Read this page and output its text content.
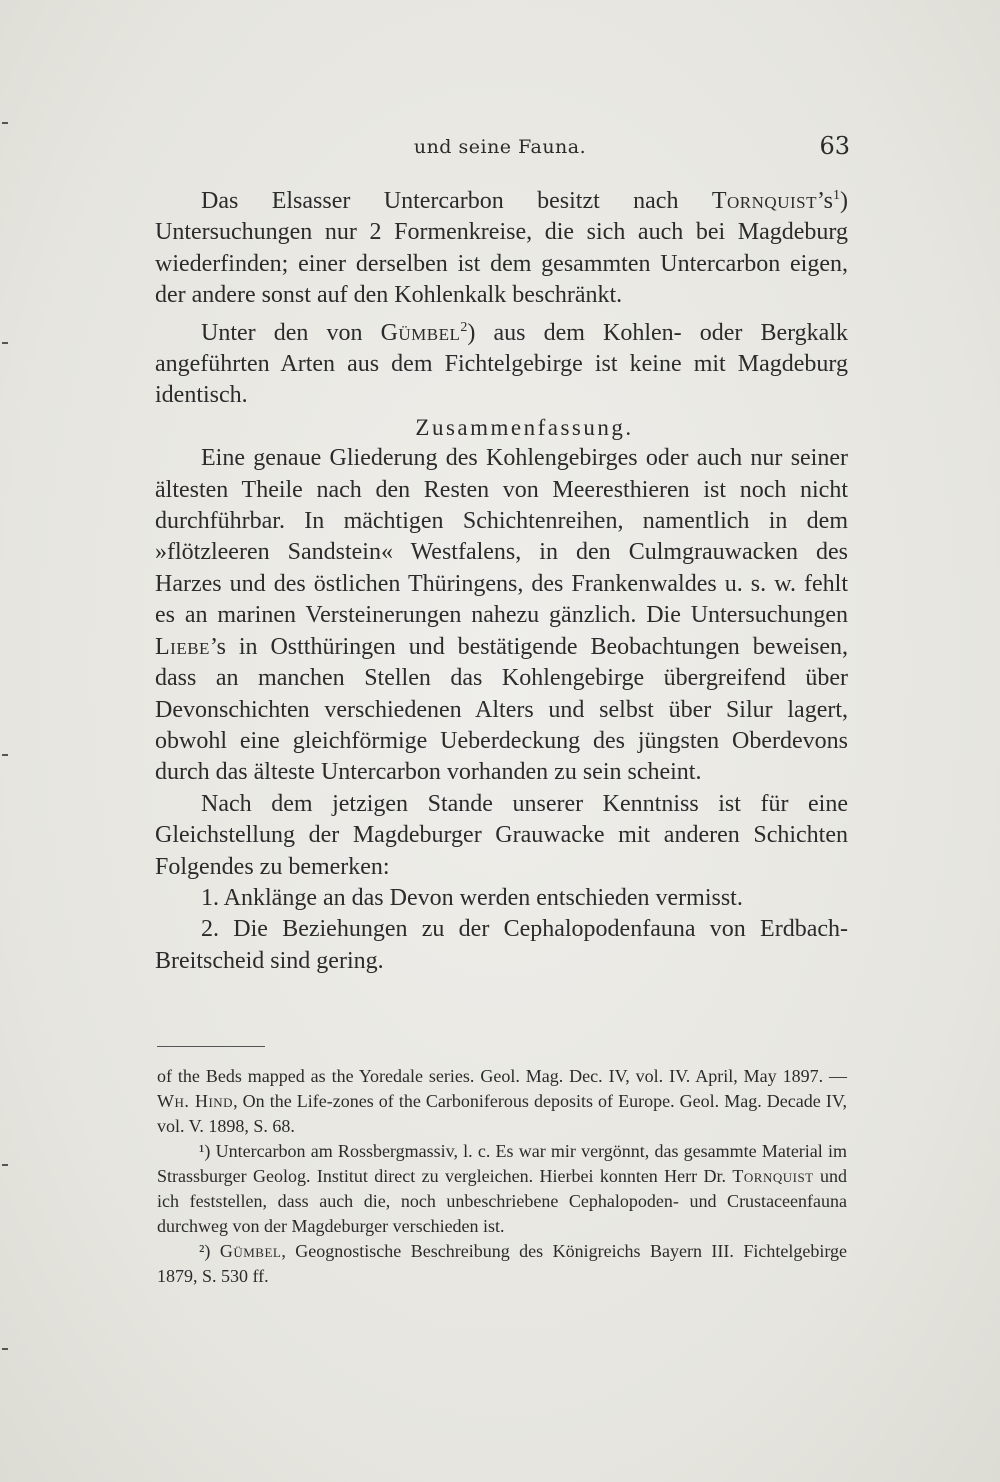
und seine Fauna.	63

Das Elsasser Untercarbon besitzt nach $Tornquist’s^1$) Untersuchungen nur 2 Formenkreise, die sich auch bei Magdeburg wiederfinden; einer derselben ist dem gesammten Untercarbon eigen, der andere sonst auf den Kohlenkalk beschränkt.

Unter den von Gümbel$^2$) aus dem Kohlen- oder Bergkalk angeführten Arten aus dem Fichtelgebirge ist keine mit Magdeburg identisch.

Zusammenfassung.

Eine genaue Gliederung des Kohlengebirges oder auch nur seiner ältesten Theile nach den Resten von Meeresthieren ist noch nicht durchführbar. In mächtigen Schichtenreihen, namentlich in dem »flötzleeren Sandstein« Westfalens, in den Culmgrauwacken des Harzes und des östlichen Thüringens, des Frankenwaldes u. s. w. fehlt es an marinen Versteinerungen nahezu gänzlich. Die Untersuchungen Liebe’s in Ostthüringen und bestätigende Beobachtungen beweisen, dass an manchen Stellen das Kohlengebirge übergreifend über Devonschichten verschiedenen Alters und selbst über Silur lagert, obwohl eine gleichförmige Ueberdeckung des jüngsten Oberdevons durch das älteste Untercarbon vorhanden zu sein scheint.

Nach dem jetzigen Stande unserer Kenntniss ist für eine Gleichstellung der Magdeburger Grauwacke mit anderen Schichten Folgendes zu bemerken:

1. Anklänge an das Devon werden entschieden vermisst.

2. Die Beziehungen zu der Cephalopodenfauna von Erdbach-Breitscheid sind gering.

of the Beds mapped as the Yoredale series. Geol. Mag. Dec. IV, vol. IV. April, May 1897. — Wh. Hind, On the Life-zones of the Carboniferous deposits of Europe. Geol. Mag. Decade IV, vol. V. 1898, S. 68.

¹) Untercarbon am Rossbergmassiv, l. c. Es war mir vergönnt, das gesammte Material im Strassburger Geolog. Institut direct zu vergleichen. Hierbei konnten Herr Dr. Tornquist und ich feststellen, dass auch die, noch unbeschriebene Cephalopoden- und Crustaceenfauna durchweg von der Magdeburger verschieden ist.

²) Gümbel, Geognostische Beschreibung des Königreichs Bayern III. Fichtelgebirge 1879, S. 530 ff.
